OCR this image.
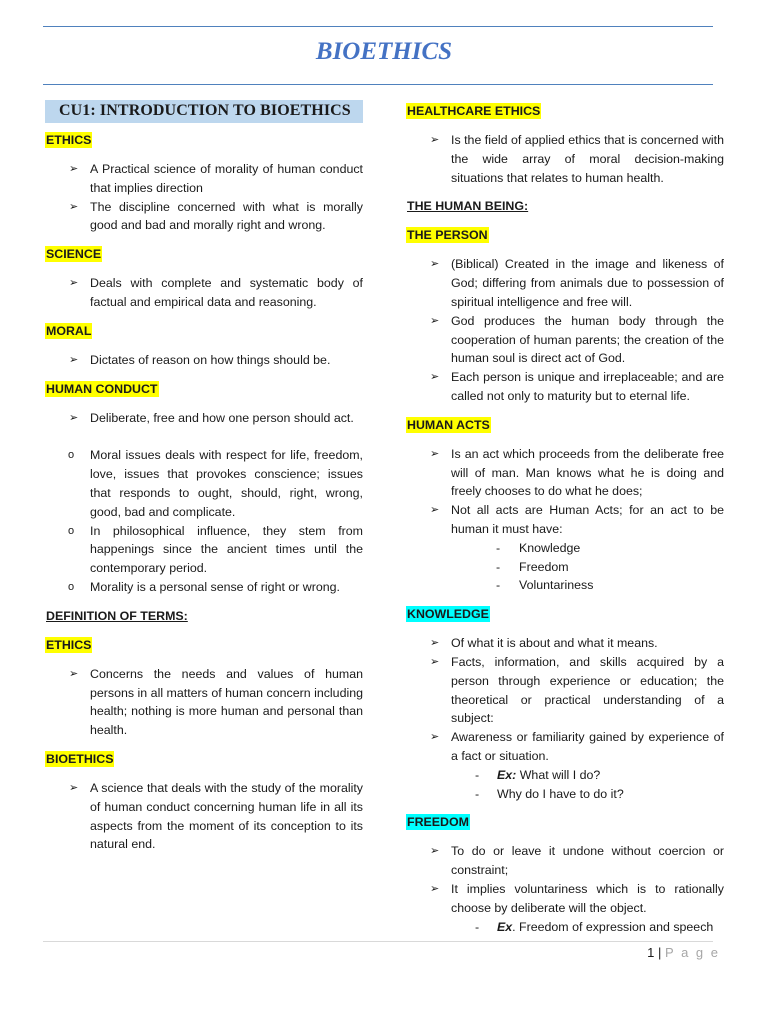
BIOETHICS
CU1: INTRODUCTION TO BIOETHICS
ETHICS
➢ A Practical science of morality of human conduct that implies direction
➢ The discipline concerned with what is morally good and bad and morally right and wrong.
SCIENCE
➢ Deals with complete and systematic body of factual and empirical data and reasoning.
MORAL
➢ Dictates of reason on how things should be.
HUMAN CONDUCT
➢ Deliberate, free and how one person should act.
o Moral issues deals with respect for life, freedom, love, issues that provokes conscience; issues that responds to ought, should, right, wrong, good, bad and complicate.
o In philosophical influence, they stem from happenings since the ancient times until the contemporary period.
o Morality is a personal sense of right or wrong.
DEFINITION OF TERMS:
ETHICS
➢ Concerns the needs and values of human persons in all matters of human concern including health; nothing is more human and personal than health.
BIOETHICS
➢ A science that deals with the study of the morality of human conduct concerning human life in all its aspects from the moment of its conception to its natural end.
HEALTHCARE ETHICS
➢ Is the field of applied ethics that is concerned with the wide array of moral decision-making situations that relates to human health.
THE HUMAN BEING:
THE PERSON
➢ (Biblical) Created in the image and likeness of God; differing from animals due to possession of spiritual intelligence and free will.
➢ God produces the human body through the cooperation of human parents; the creation of the human soul is direct act of God.
➢ Each person is unique and irreplaceable; and are called not only to maturity but to eternal life.
HUMAN ACTS
➢ Is an act which proceeds from the deliberate free will of man. Man knows what he is doing and freely chooses to do what he does;
➢ Not all acts are Human Acts; for an act to be human it must have:
- Knowledge
- Freedom
- Voluntariness
KNOWLEDGE
➢ Of what it is about and what it means.
➢ Facts, information, and skills acquired by a person through experience or education; the theoretical or practical understanding of a subject:
➢ Awareness or familiarity gained by experience of a fact or situation.
- Ex: What will I do?
- Why do I have to do it?
FREEDOM
➢ To do or leave it undone without coercion or constraint;
➢ It implies voluntariness which is to rationally choose by deliberate will the object.
- Ex. Freedom of expression and speech
1 | P a g e
